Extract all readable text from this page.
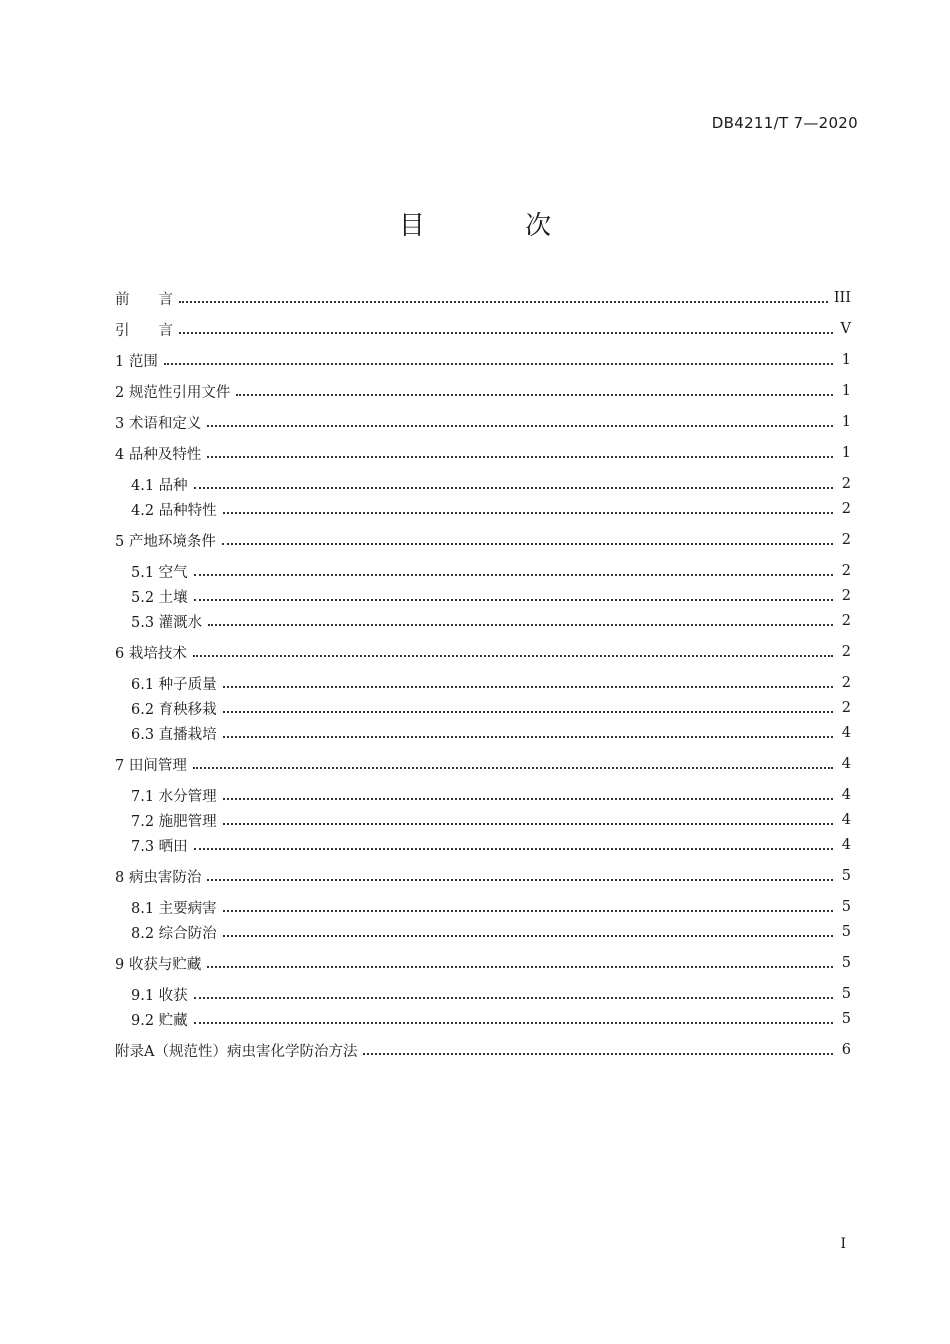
DB4211/T 7—2020
目 次
前　　言	III
引　　言	V
1 范围	1
2 规范性引用文件	1
3 术语和定义	1
4 品种及特性	1
4.1 品种	2
4.2 品种特性	2
5 产地环境条件	2
5.1 空气	2
5.2 土壤	2
5.3 灌溉水	2
6 栽培技术	2
6.1 种子质量	2
6.2 育秧移栽	2
6.3 直播栽培	4
7 田间管理	4
7.1 水分管理	4
7.2 施肥管理	4
7.3 晒田	4
8 病虫害防治	5
8.1 主要病害	5
8.2 综合防治	5
9 收获与贮藏	5
9.1 收获	5
9.2 贮藏	5
附录A（规范性）病虫害化学防治方法	6
I
